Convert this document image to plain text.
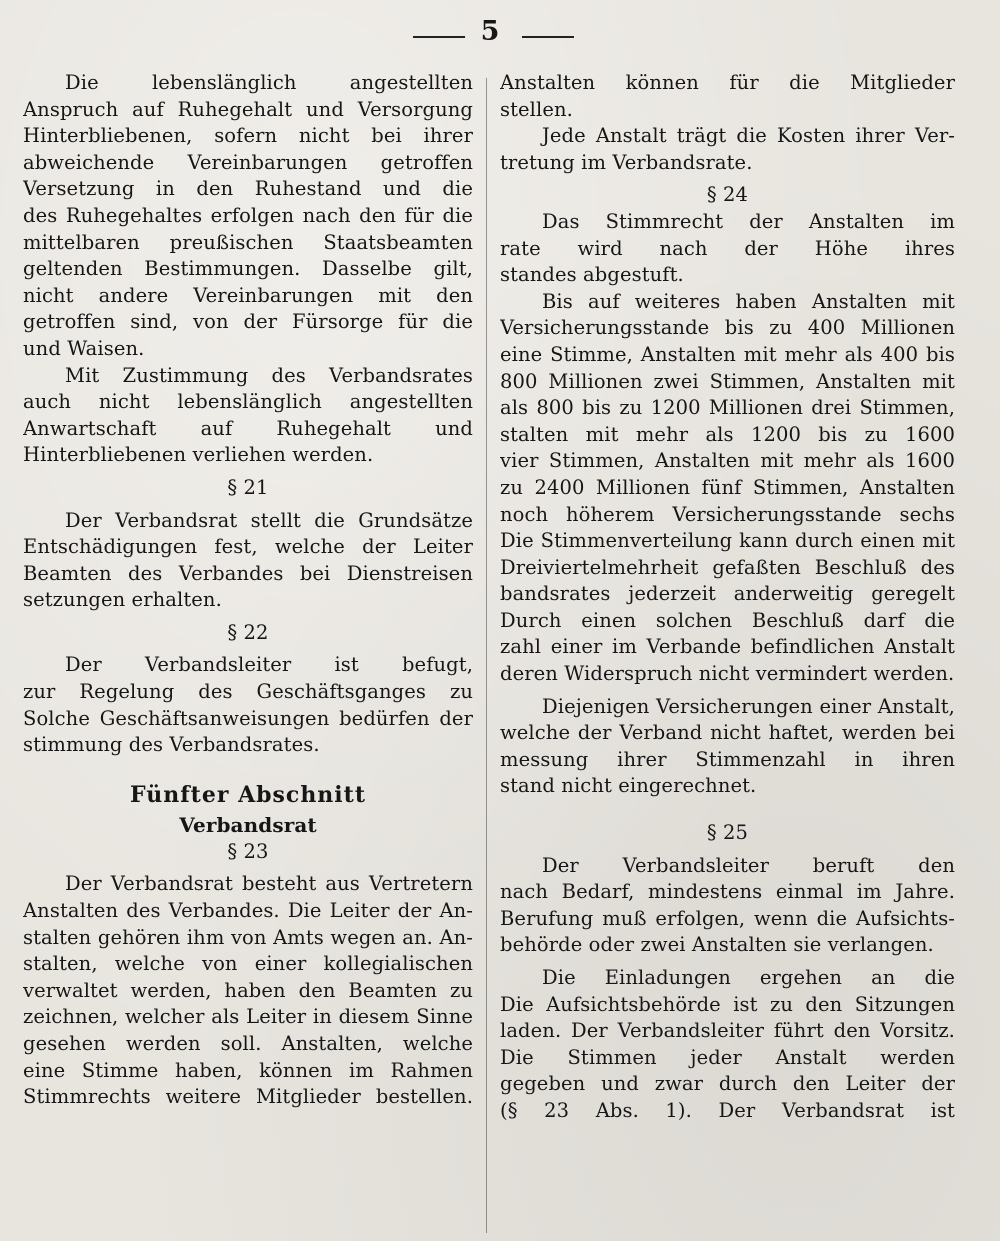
5
Die lebenslänglich angestellten
Anspruch auf Ruhegehalt und Versorgung
Hinterbliebenen, sofern nicht bei ihrer
abweichende Vereinbarungen getroffen
Versetzung in den Ruhestand und die
des Ruhegehaltes erfolgen nach den für die
mittelbaren preußischen Staatsbeamten
geltenden Bestimmungen. Dasselbe gilt,
nicht andere Vereinbarungen mit den
getroffen sind, von der Fürsorge für die
und Waisen.
Mit Zustimmung des Verbandsrates
auch nicht lebenslänglich angestellten
Anwartschaft auf Ruhegehalt und
Hinterbliebenen verliehen werden.
§ 21
Der Verbandsrat stellt die Grundsätze
Entschädigungen fest, welche der Leiter
Beamten des Verbandes bei Dienstreisen
setzungen erhalten.
§ 22
Der Verbandsleiter ist befugt,
zur Regelung des Geschäftsganges zu
Solche Geschäftsanweisungen bedürfen der
stimmung des Verbandsrates.
Fünfter Abschnitt
Verbandsrat
§ 23
Der Verbandsrat besteht aus Vertretern
Anstalten des Verbandes. Die Leiter der An-
stalten gehören ihm von Amts wegen an. An-
stalten, welche von einer kollegialischen
verwaltet werden, haben den Beamten zu
zeichnen, welcher als Leiter in diesem Sinne
gesehen werden soll. Anstalten, welche
eine Stimme haben, können im Rahmen
Stimmrechts weitere Mitglieder bestellen.
Anstalten können für die Mitglieder
stellen.
Jede Anstalt trägt die Kosten ihrer Ver-
tretung im Verbandsrate.
§ 24
Das Stimmrecht der Anstalten im
rate wird nach der Höhe ihres
standes abgestuft.
Bis auf weiteres haben Anstalten mit
Versicherungsstande bis zu 400 Millionen
eine Stimme, Anstalten mit mehr als 400 bis
800 Millionen zwei Stimmen, Anstalten mit
als 800 bis zu 1200 Millionen drei Stimmen,
stalten mit mehr als 1200 bis zu 1600
vier Stimmen, Anstalten mit mehr als 1600
zu 2400 Millionen fünf Stimmen, Anstalten
noch höherem Versicherungsstande sechs
Die Stimmenverteilung kann durch einen mit
Dreiviertelmehrheit gefaßten Beschluß des
bandsrates jederzeit anderweitig geregelt
Durch einen solchen Beschluß darf die
zahl einer im Verbande befindlichen Anstalt
deren Widerspruch nicht vermindert werden.
Diejenigen Versicherungen einer Anstalt,
welche der Verband nicht haftet, werden bei
messung ihrer Stimmenzahl in ihren
stand nicht eingerechnet.
§ 25
Der Verbandsleiter beruft den
nach Bedarf, mindestens einmal im Jahre.
Berufung muß erfolgen, wenn die Aufsichts-
behörde oder zwei Anstalten sie verlangen.
Die Einladungen ergehen an die
Die Aufsichtsbehörde ist zu den Sitzungen
laden. Der Verbandsleiter führt den Vorsitz.
Die Stimmen jeder Anstalt werden
gegeben und zwar durch den Leiter der
(§ 23 Abs. 1). Der Verbandsrat ist
